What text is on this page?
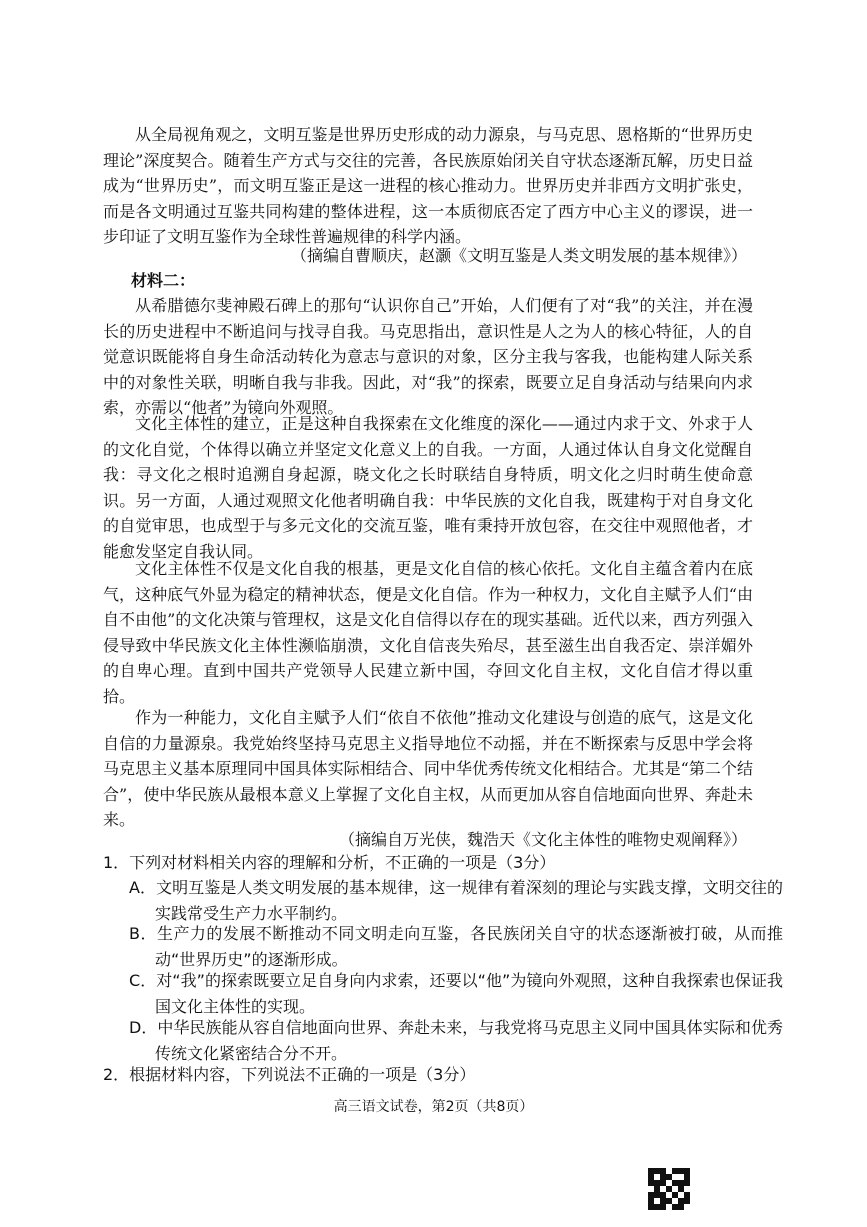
从全局视角观之，文明互鉴是世界历史形成的动力源泉，与马克思、恩格斯的“世界历史理论”深度契合。随着生产方式与交往的完善，各民族原始闭关自守状态逐渐瓦解，历史日益成为“世界历史”，而文明互鉴正是这一进程的核心推动力。世界历史并非西方文明扩张史，而是各文明通过互鉴共同构建的整体进程，这一本质彻底否定了西方中心主义的谬误，进一步印证了文明互鉴作为全球性普遍规律的科学内涵。

（摘编自曹顺庆，赵灏《文明互鉴是人类文明发展的基本规律》）

材料二：

从希腊德尔斐神殿石碑上的那句“认识你自己”开始，人们便有了对“我”的关注，并在漫长的历史进程中不断追问与找寻自我。马克思指出，意识性是人之为人的核心特征，人的自觉意识既能将自身生命活动转化为意志与意识的对象，区分主我与客我，也能构建人际关系中的对象性关联，明晰自我与非我。因此，对“我”的探索，既要立足自身活动与结果向内求索，亦需以“他者”为镜向外观照。

文化主体性的建立，正是这种自我探索在文化维度的深化——通过内求于文、外求于人的文化自觉，个体得以确立并坚定文化意义上的自我。一方面，人通过体认自身文化觉醒自我：寻文化之根时追溯自身起源，晓文化之长时联结自身特质，明文化之归时萌生使命意识。另一方面，人通过观照文化他者明确自我：中华民族的文化自我，既建构于对自身文化的自觉审思，也成型于与多元文化的交流互鉴，唯有秉持开放包容，在交往中观照他者，才能愈发坚定自我认同。

文化主体性不仅是文化自我的根基，更是文化自信的核心依托。文化自主蕴含着内在底气，这种底气外显为稳定的精神状态，便是文化自信。作为一种权力，文化自主赋予人们“由自不由他”的文化决策与管理权，这是文化自信得以存在的现实基础。近代以来，西方列强入侵导致中华民族文化主体性濒临崩溃，文化自信丧失殆尽，甚至滋生出自我否定、崇洋媚外的自卑心理。直到中国共产党领导人民建立新中国，夺回文化自主权，文化自信才得以重拾。

作为一种能力，文化自主赋予人们“依自不依他”推动文化建设与创造的底气，这是文化自信的力量源泉。我党始终坚持马克思主义指导地位不动摇，并在不断探索与反思中学会将马克思主义基本原理同中国具体实际相结合、同中华优秀传统文化相结合。尤其是“第二个结合”，使中华民族从最根本意义上掌握了文化自主权，从而更加从容自信地面向世界、奔赴未来。

（摘编自万光侠，魏浩天《文化主体性的唯物史观阐释》）

1．下列对材料相关内容的理解和分析，不正确的一项是（3分）

A．文明互鉴是人类文明发展的基本规律，这一规律有着深刻的理论与实践支撑，文明交往的实践常受生产力水平制约。

B．生产力的发展不断推动不同文明走向互鉴，各民族闭关自守的状态逐渐被打破，从而推动“世界历史”的逐渐形成。

C．对“我”的探索既要立足自身向内求索，还要以“他”为镜向外观照，这种自我探索也保证我国文化主体性的实现。

D．中华民族能从容自信地面向世界、奔赴未来，与我党将马克思主义同中国具体实际和优秀传统文化紧密结合分不开。

2．根据材料内容，下列说法不正确的一项是（3分）

高三语文试卷，第2页（共8页）
